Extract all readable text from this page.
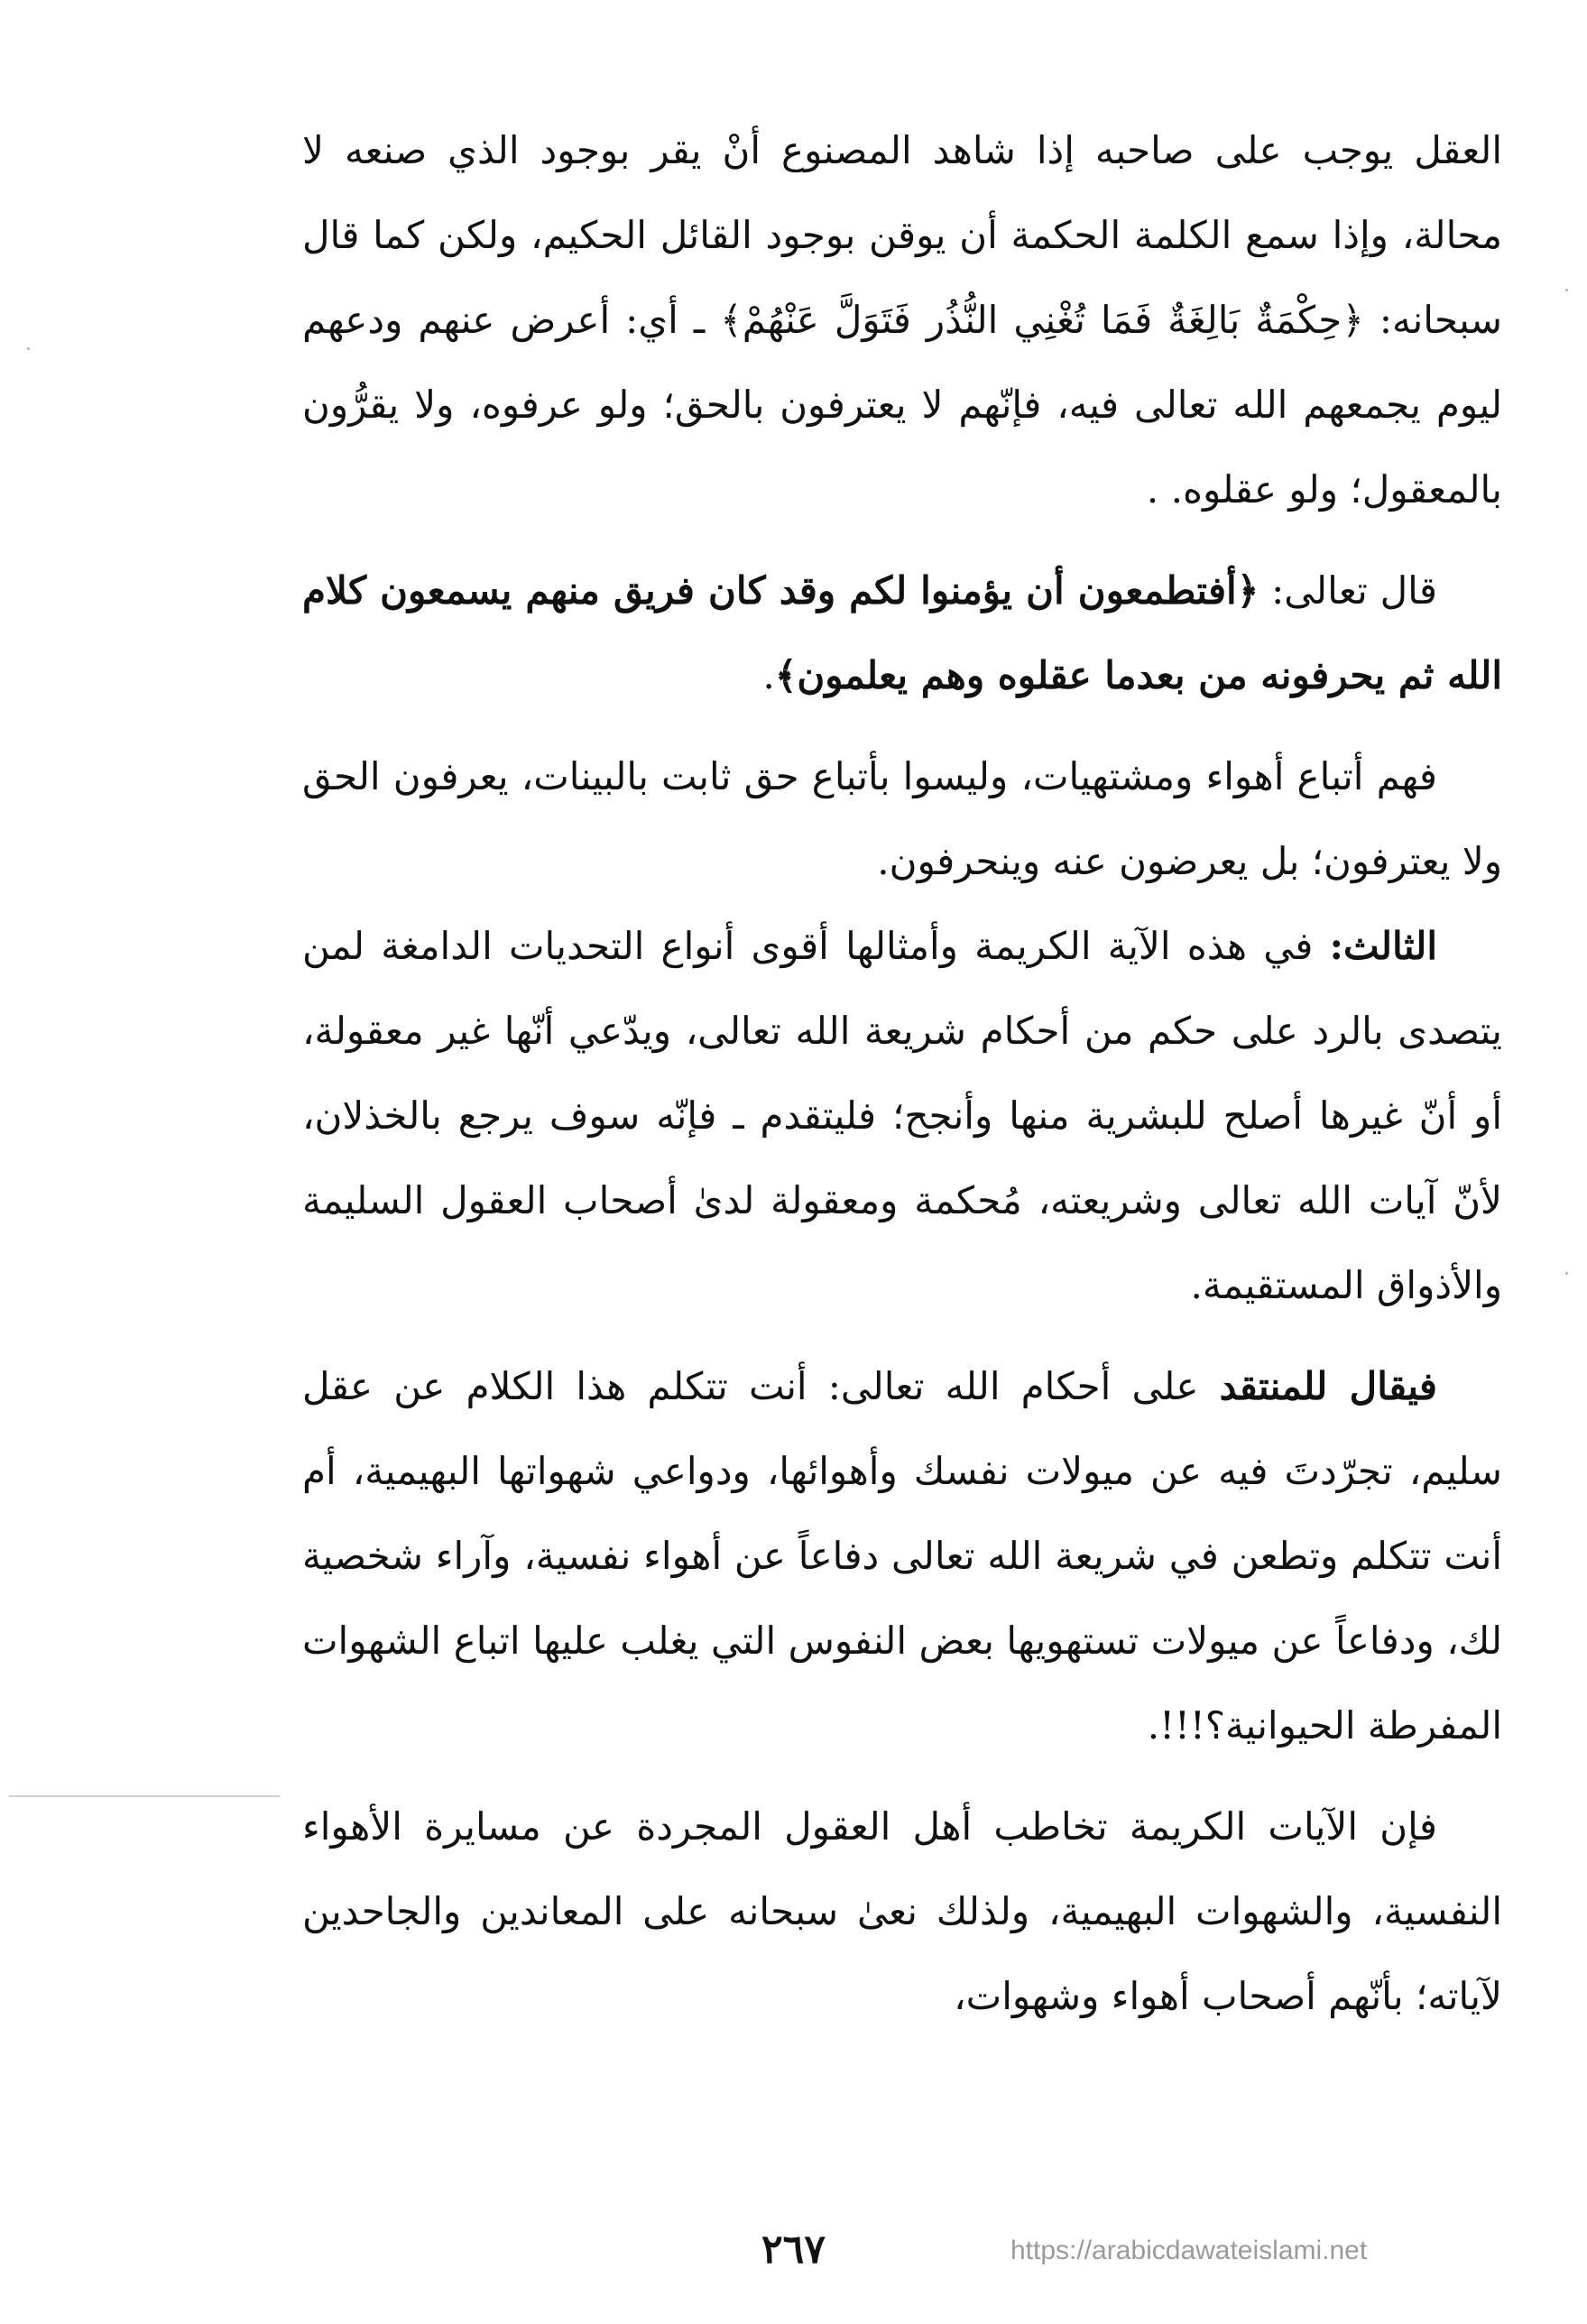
العقل يوجب على صاحبه إذا شاهد المصنوع أنْ يقر بوجود الذي صنعه لا محالة، وإذا سمع الكلمة الحكمة أن يوقن بوجود القائل الحكيم، ولكن كما قال سبحانه: ﴿حِكْمَةٌ بَالِغَةٌ فَمَا تُغْنِي النُّذُر فَتَوَلَّ عَنْهُمْ﴾ ـ أي: أعرض عنهم ودعهم ليوم يجمعهم الله تعالى فيه، فإنّهم لا يعترفون بالحق؛ ولو عرفوه، ولا يقرُّون بالمعقول؛ ولو عقلوه. .

قال تعالى: ﴿أفتطمعون أن يؤمنوا لكم وقد كان فريق منهم يسمعون كلام الله ثم يحرفونه من بعدما عقلوه وهم يعلمون﴾.

فهم أتباع أهواء ومشتهيات، وليسوا بأتباع حق ثابت بالبينات، يعرفون الحق ولا يعترفون؛ بل يعرضون عنه وينحرفون.

الثالث: في هذه الآية الكريمة وأمثالها أقوى أنواع التحديات الدامغة لمن يتصدى بالرد على حكم من أحكام شريعة الله تعالى، ويدّعي أنّها غير معقولة، أو أنّ غيرها أصلح للبشرية منها وأنجح؛ فليتقدم ـ فإنّه سوف يرجع بالخذلان، لأنّ آيات الله تعالى وشريعته، مُحكمة ومعقولة لدىٰ أصحاب العقول السليمة والأذواق المستقيمة.

فيقال للمنتقد على أحكام الله تعالى: أنت تتكلم هذا الكلام عن عقل سليم، تجرّدتَ فيه عن ميولات نفسك وأهوائها، ودواعي شهواتها البهيمية، أم أنت تتكلم وتطعن في شريعة الله تعالى دفاعاً عن أهواء نفسية، وآراء شخصية لك، ودفاعاً عن ميولات تستهويها بعض النفوس التي يغلب عليها اتباع الشهوات المفرطة الحيوانية؟!!!.

فإن الآيات الكريمة تخاطب أهل العقول المجردة عن مسايرة الأهواء النفسية، والشهوات البهيمية، ولذلك نعىٰ سبحانه على المعاندين والجاحدين لآياته؛ بأنّهم أصحاب أهواء وشهوات،

٢٦٧	https://arabicdawateislami.net
